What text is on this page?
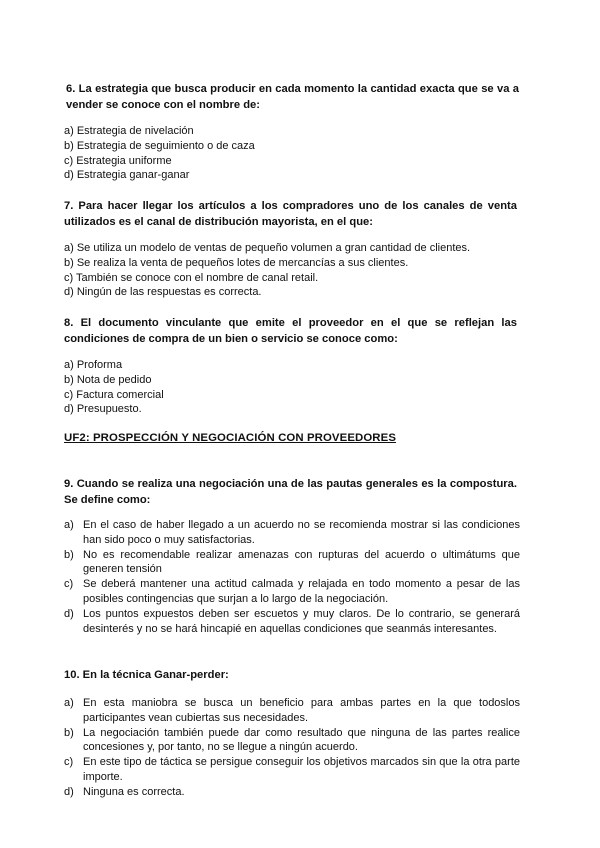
6. La estrategia que busca producir en cada momento la cantidad exacta que se va a vender se conoce con el nombre de:

a) Estrategia de nivelación

b) Estrategia de seguimiento o de caza

c) Estrategia uniforme

d) Estrategia ganar-ganar

7. Para hacer llegar los artículos a los compradores uno de los canales de venta utilizados es el canal de distribución mayorista, en el que:

a) Se utiliza un modelo de ventas de pequeño volumen a gran cantidad de clientes.

b) Se realiza la venta de pequeños lotes de mercancías a sus clientes.

c) También se conoce con el nombre de canal retail.

d) Ningún de las respuestas es correcta.

8. El documento vinculante que emite el proveedor en el que se reflejan las condiciones de compra de un bien o servicio se conoce como:

a) Proforma

b) Nota de pedido

c) Factura comercial

d) Presupuesto.

UF2: PROSPECCIÓN Y NEGOCIACIÓN CON PROVEEDORES
9. Cuando se realiza una negociación una de las pautas generales es la compostura. Se define como:
a) En el caso de haber llegado a un acuerdo no se recomienda mostrar si las condiciones han sido poco o muy satisfactorias.
b) No es recomendable realizar amenazas con rupturas del acuerdo o ultimátums que generen tensión
c) Se deberá mantener una actitud calmada y relajada en todo momento a pesar de las posibles contingencias que surjan a lo largo de la negociación.
d) Los puntos expuestos deben ser escuetos y muy claros. De lo contrario, se generará desinterés y no se hará hincapié en aquellas condiciones que seanmás interesantes.
10. En la técnica Ganar-perder:
a) En esta maniobra se busca un beneficio para ambas partes en la que todoslos participantes vean cubiertas sus necesidades.
b) La negociación también puede dar como resultado que ninguna de las partes realice concesiones y, por tanto, no se llegue a ningún acuerdo.
c) En este tipo de táctica se persigue conseguir los objetivos marcados sin que la otra parte importe.
d) Ninguna es correcta.
